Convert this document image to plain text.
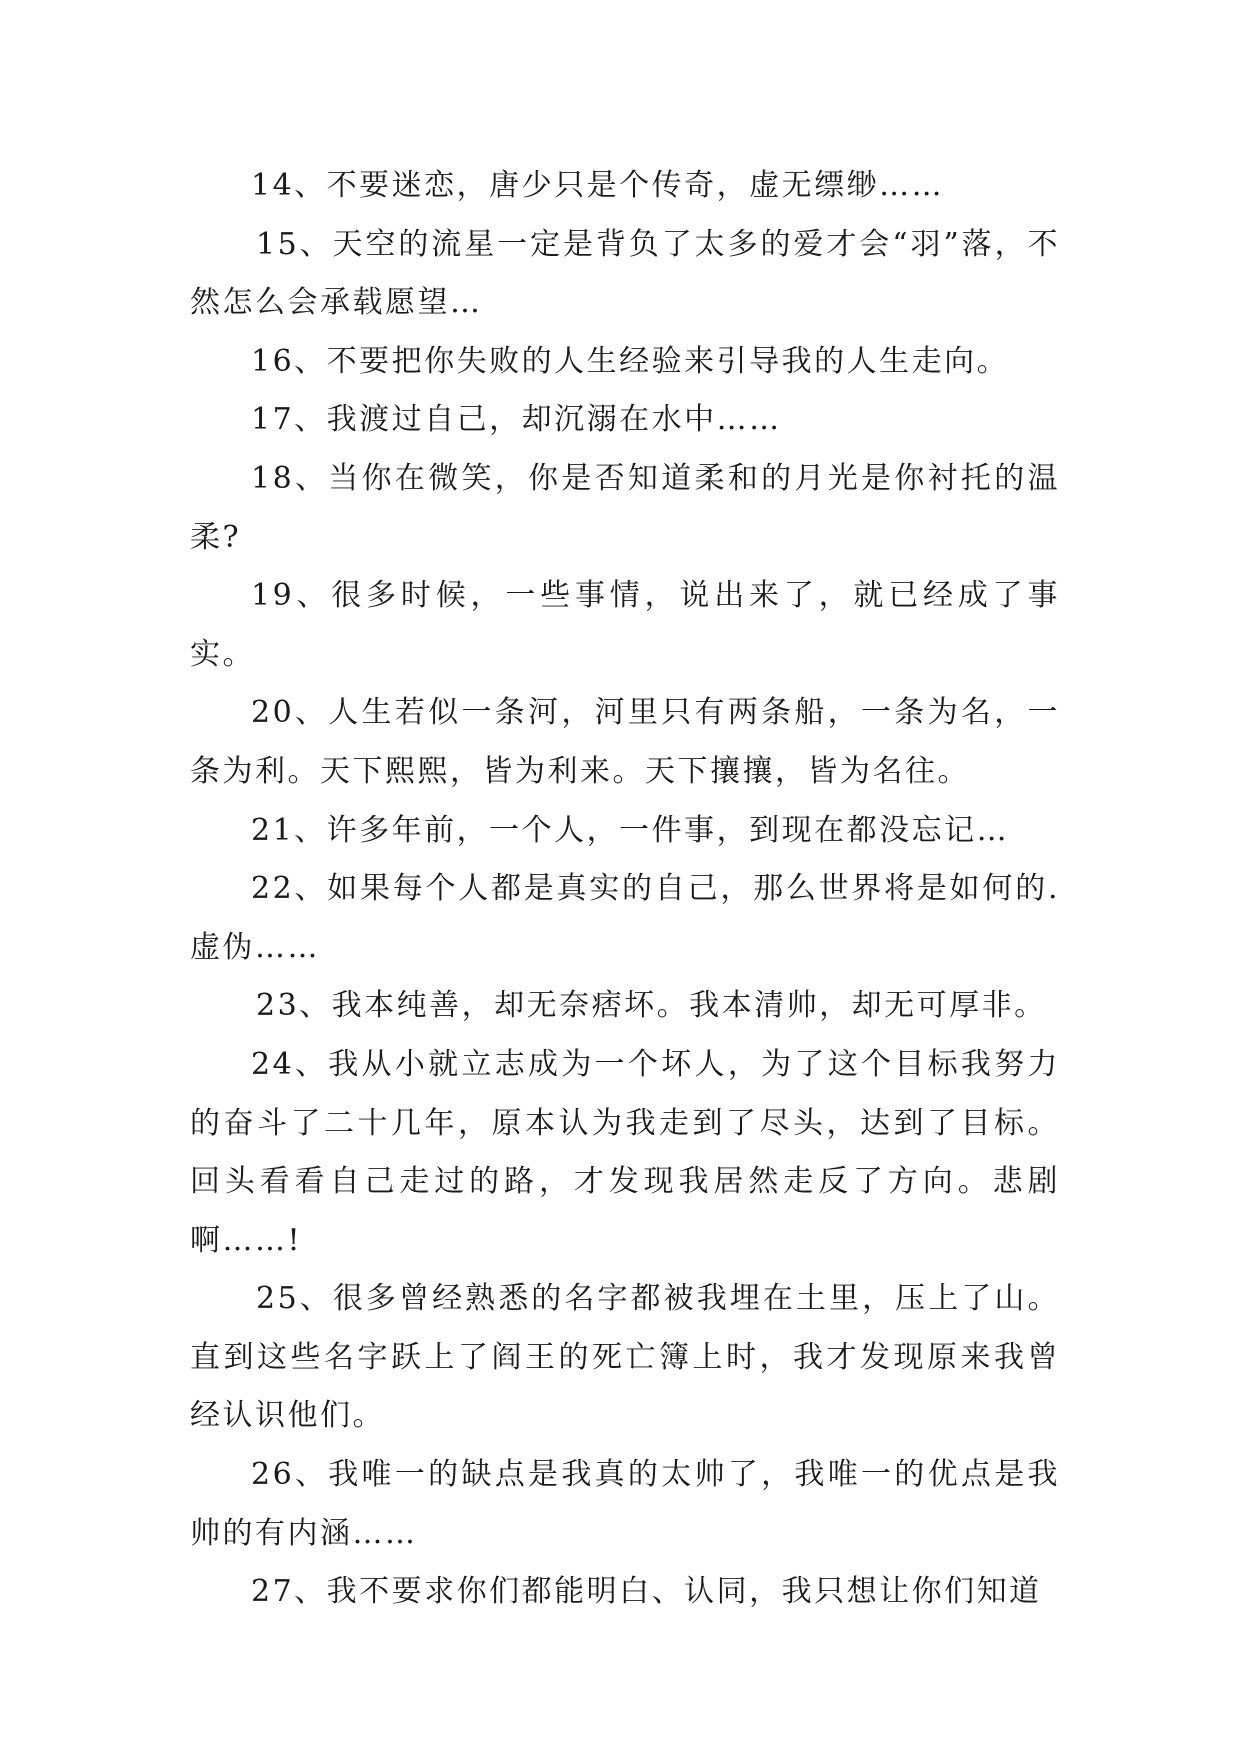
14、不要迷恋，唐少只是个传奇，虚无缥缈……

15、天空的流星一定是背负了太多的爱才会“羽”落，不然怎么会承载愿望…

16、不要把你失败的人生经验来引导我的人生走向。

17、我渡过自己，却沉溺在水中……

18、当你在微笑，你是否知道柔和的月光是你衬托的温柔?

19、很多时候，一些事情，说出来了，就已经成了事实。

20、人生若似一条河，河里只有两条船，一条为名，一条为利。天下熙熙，皆为利来。天下攘攘，皆为名往。

21、许多年前，一个人，一件事，到现在都没忘记…

22、如果每个人都是真实的自己，那么世界将是如何的.虚伪……

23、我本纯善，却无奈痞坏。我本清帅，却无可厚非。

24、我从小就立志成为一个坏人，为了这个目标我努力的奋斗了二十几年，原本认为我走到了尽头，达到了目标。回头看看自己走过的路，才发现我居然走反了方向。悲剧啊……!

25、很多曾经熟悉的名字都被我埋在土里，压上了山。直到这些名字跃上了阎王的死亡簿上时，我才发现原来我曾经认识他们。

26、我唯一的缺点是我真的太帅了，我唯一的优点是我帅的有内涵……

27、我不要求你们都能明白、认同，我只想让你们知道
